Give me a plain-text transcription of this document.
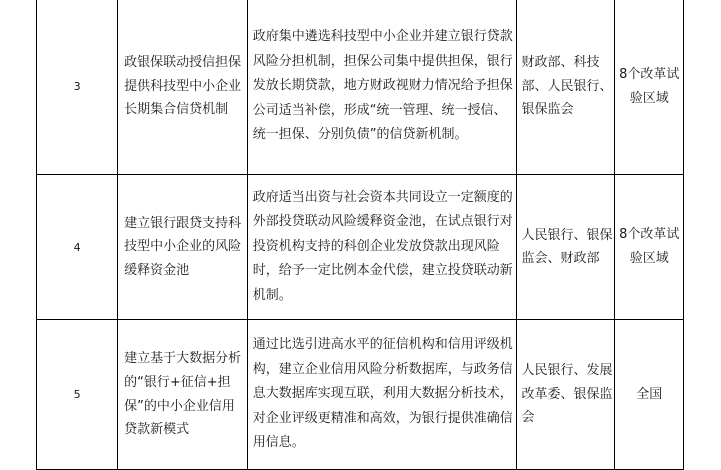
3	政银保联动授信担保提供科技型中小企业长期集合信贷机制	政府集中遴选科技型中小企业并建立银行贷款风险分担机制，担保公司集中提供担保，银行发放长期贷款，地方财政视财力情况给予担保公司适当补偿，形成“统一管理、统一授信、统一担保、分别负债”的信贷新机制。	财政部、科技部、人民银行、银保监会	8个改革试验区域

4	建立银行跟贷支持科技型中小企业的风险缓释资金池	政府适当出资与社会资本共同设立一定额度的外部投贷联动风险缓释资金池，在试点银行对投资机构支持的科创企业发放贷款出现风险时，给予一定比例本金代偿，建立投贷联动新机制。	人民银行、银保监会、财政部	8个改革试验区域

5	建立基于大数据分析的“银行+征信+担保”的中小企业信用贷款新模式	通过比选引进高水平的征信机构和信用评级机构，建立企业信用风险分析数据库，与政务信息大数据库实现互联，利用大数据分析技术，对企业评级更精准和高效，为银行提供准确信用信息。	人民银行、发展改革委、银保监会	全国
